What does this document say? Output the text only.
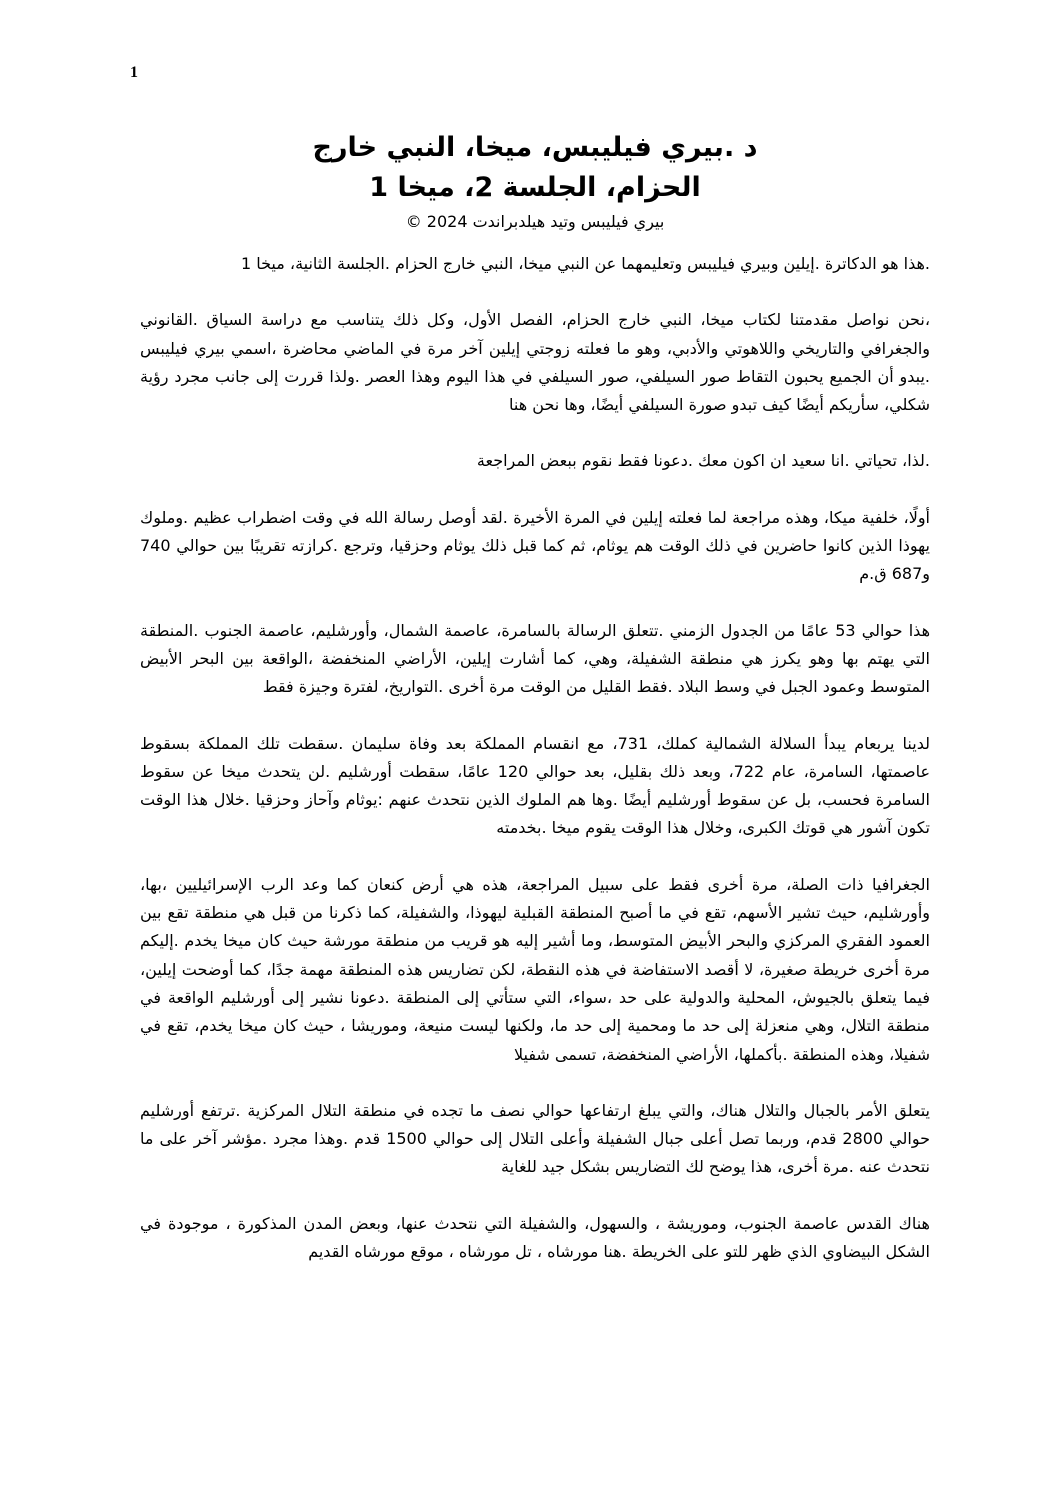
1
د .بيري فيليبس، ميخا، النبي خارج
الحزام، الجلسة 2، ميخا 1

بيري فيليبس وتيد هيلدبراندت 2024 ©

.هذا هو الدكاترة .إيلين وبيري فيليبس وتعليمهما عن النبي ميخا، النبي خارج الحزام .الجلسة الثانية، ميخا 1

،نحن نواصل مقدمتنا لكتاب ميخا، النبي خارج الحزام، الفصل الأول، وكل ذلك يتناسب مع دراسة السياق .القانوني والجغرافي والتاريخي واللاهوتي والأدبي، وهو ما فعلته زوجتي إيلين آخر مرة في الماضي محاضرة ،اسمي بيري فيليبس .يبدو أن الجميع يحبون التقاط صور السيلفي، صور السيلفي في هذا اليوم وهذا العصر .ولذا قررت إلى جانب مجرد رؤية شكلي، سأريكم أيضًا كيف تبدو صورة السيلفي أيضًا، وها نحن هنا

.لذا، تحياتي .انا سعيد ان اكون معك .دعونا فقط نقوم ببعض المراجعة

أولًا، خلفية ميكا، وهذه مراجعة لما فعلته إيلين في المرة الأخيرة .لقد أوصل رسالة الله في وقت اضطراب عظيم .وملوك يهوذا الذين كانوا حاضرين في ذلك الوقت هم يوثام، ثم كما قبل ذلك يوثام وحزقيا، وترجع .كرازته تقريبًا بين حوالي 740 و687 ق.م

هذا حوالي 53 عامًا من الجدول الزمني .تتعلق الرسالة بالسامرة، عاصمة الشمال، وأورشليم، عاصمة الجنوب .المنطقة التي يهتم بها وهو يكرز هي منطقة الشفيلة، وهي، كما أشارت إيلين، الأراضي المنخفضة ،الواقعة بين البحر الأبيض المتوسط وعمود الجبل في وسط البلاد .فقط القليل من الوقت مرة أخرى .التواريخ، لفترة وجيزة فقط

لدينا يربعام يبدأ السلالة الشمالية كملك، 731، مع انقسام المملكة بعد وفاة سليمان .سقطت تلك المملكة بسقوط عاصمتها، السامرة، عام 722، وبعد ذلك بقليل، بعد حوالي 120 عامًا، سقطت أورشليم .لن يتحدث ميخا عن سقوط السامرة فحسب، بل عن سقوط أورشليم أيضًا .وها هم الملوك الذين نتحدث عنهم :يوثام وآحاز وحزقيا .خلال هذا الوقت تكون آشور هي قوتك الكبرى، وخلال هذا الوقت يقوم ميخا .بخدمته

الجغرافيا ذات الصلة، مرة أخرى فقط على سبيل المراجعة، هذه هي أرض كنعان كما وعد الرب الإسرائيليين ،بها، وأورشليم، حيث تشير الأسهم، تقع في ما أصبح المنطقة القبلية ليهوذا، والشفيلة، كما ذكرنا من قبل هي منطقة تقع بين العمود الفقري المركزي والبحر الأبيض المتوسط، وما أشير إليه هو قريب من منطقة مورشة حيث كان ميخا يخدم .إليكم مرة أخرى خريطة صغيرة، لا أقصد الاستفاضة في هذه النقطة، لكن تضاريس هذه المنطقة مهمة جدًا، كما أوضحت إيلين، فيما يتعلق بالجيوش، المحلية والدولية على حد ،سواء، التي ستأتي إلى المنطقة .دعونا نشير إلى أورشليم الواقعة في منطقة التلال، وهي منعزلة إلى حد ما ومحمية إلى حد ما، ولكنها ليست منيعة، وموريشا ، حيث كان ميخا يخدم، تقع في شفيلا، وهذه المنطقة .بأكملها، الأراضي المنخفضة، تسمى شفيلا

يتعلق الأمر بالجبال والتلال هناك، والتي يبلغ ارتفاعها حوالي نصف ما تجده في منطقة التلال المركزية .ترتفع أورشليم حوالي 2800 قدم، وربما تصل أعلى جبال الشفيلة وأعلى التلال إلى حوالي 1500 قدم .وهذا مجرد .مؤشر آخر على ما نتحدث عنه .مرة أخرى، هذا يوضح لك التضاريس بشكل جيد للغاية

هناك القدس عاصمة الجنوب، وموريشة ، والسهول، والشفيلة التي نتحدث عنها، وبعض المدن المذكورة ، موجودة في الشكل البيضاوي الذي ظهر للتو على الخريطة .هنا مورشاه ، تل مورشاه ، موقع مورشاه القديم
